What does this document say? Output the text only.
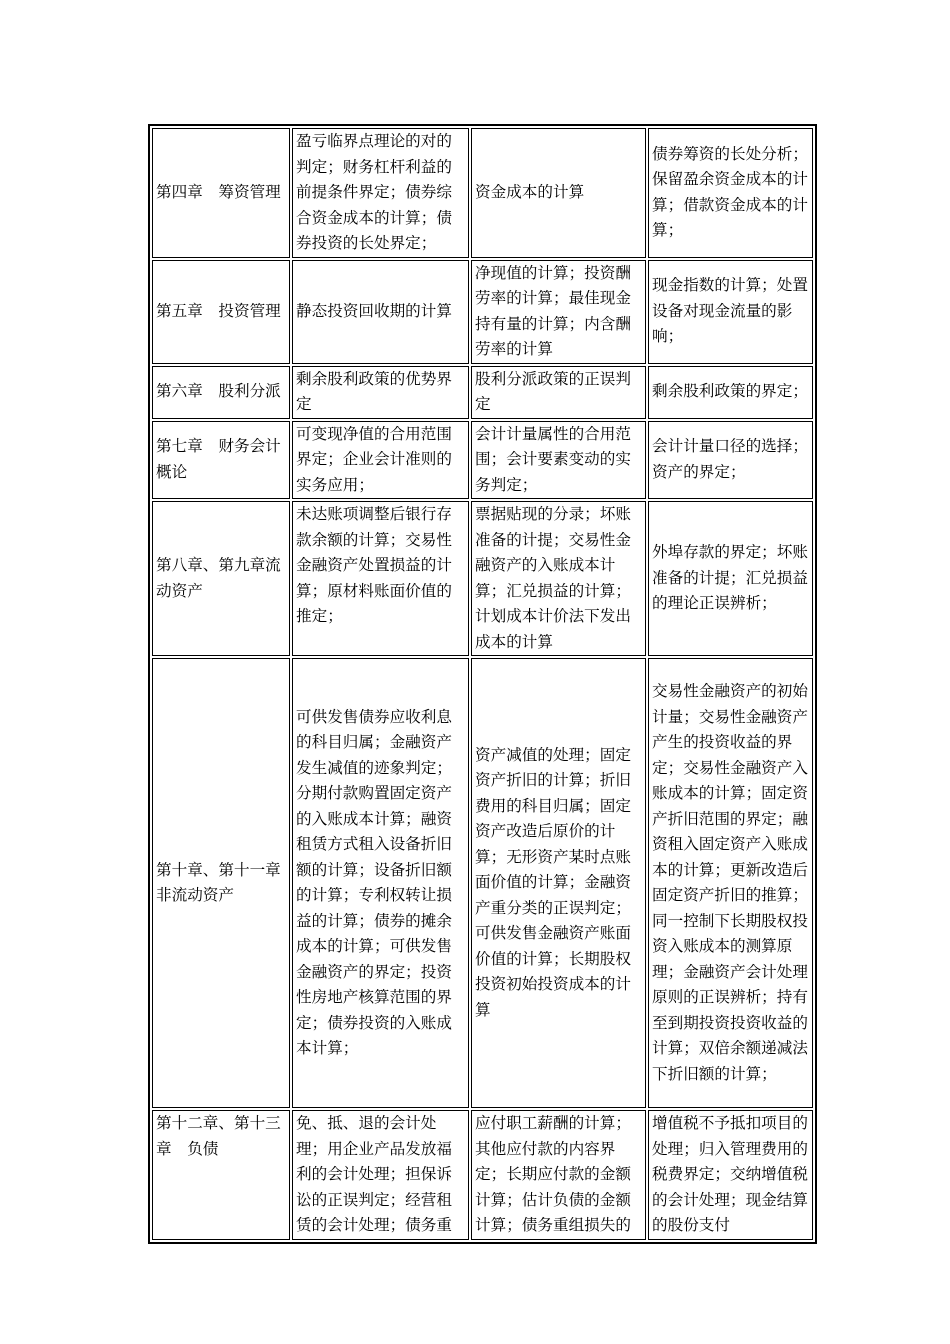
第四章　筹资管理	盈亏临界点理论的对的判定；财务杠杆利益的前提条件界定；债券综合资金成本的计算；债券投资的长处界定；	资金成本的计算	债券筹资的长处分析；保留盈余资金成本的计算；借款资金成本的计算；
第五章　投资管理	静态投资回收期的计算	净现值的计算；投资酬劳率的计算；最佳现金持有量的计算；内含酬劳率的计算	现金指数的计算；处置设备对现金流量的影响；
第六章　股利分派	剩余股利政策的优势界定	股利分派政策的正误判定	剩余股利政策的界定；
第七章　财务会计概论	可变现净值的合用范围界定；企业会计准则的实务应用；	会计计量属性的合用范围；会计要素变动的实务判定；	会计计量口径的选择；资产的界定；
第八章、第九章流动资产	未达账项调整后银行存款余额的计算；交易性金融资产处置损益的计算；原材料账面价值的推定；	票据贴现的分录；坏账准备的计提；交易性金融资产的入账成本计算；汇兑损益的计算；计划成本计价法下发出成本的计算	外埠存款的界定；坏账准备的计提；汇兑损益的理论正误辨析；
第十章、第十一章　非流动资产	可供发售债券应收利息的科目归属；金融资产发生减值的迹象判定；分期付款购置固定资产的入账成本计算；融资租赁方式租入设备折旧额的计算；设备折旧额的计算；专利权转让损益的计算；债券的摊余成本的计算；可供发售金融资产的界定；投资性房地产核算范围的界定；债券投资的入账成本计算；	资产减值的处理；固定资产折旧的计算；折旧费用的科目归属；固定资产改造后原价的计算；无形资产某时点账面价值的计算；金融资产重分类的正误判定；可供发售金融资产账面价值的计算；长期股权投资初始投资成本的计算	交易性金融资产的初始计量；交易性金融资产产生的投资收益的界定；交易性金融资产入账成本的计算；固定资产折旧范围的界定；融资租入固定资产入账成本的计算；更新改造后固定资产折旧的推算；同一控制下长期股权投资入账成本的测算原理；金融资产会计处理原则的正误辨析；持有至到期投资投资收益的计算；双倍余额递减法下折旧额的计算；
第十二章、第十三章　负债	免、抵、退的会计处理；用企业产品发放福利的会计处理；担保诉讼的正误判定；经营租赁的会计处理；债务重	应付职工薪酬的计算；其他应付款的内容界定；长期应付款的金额计算；估计负债的金额计算；债务重组损失的	增值税不予抵扣项目的处理；归入管理费用的税费界定；交纳增值税的会计处理；现金结算的股份支付
